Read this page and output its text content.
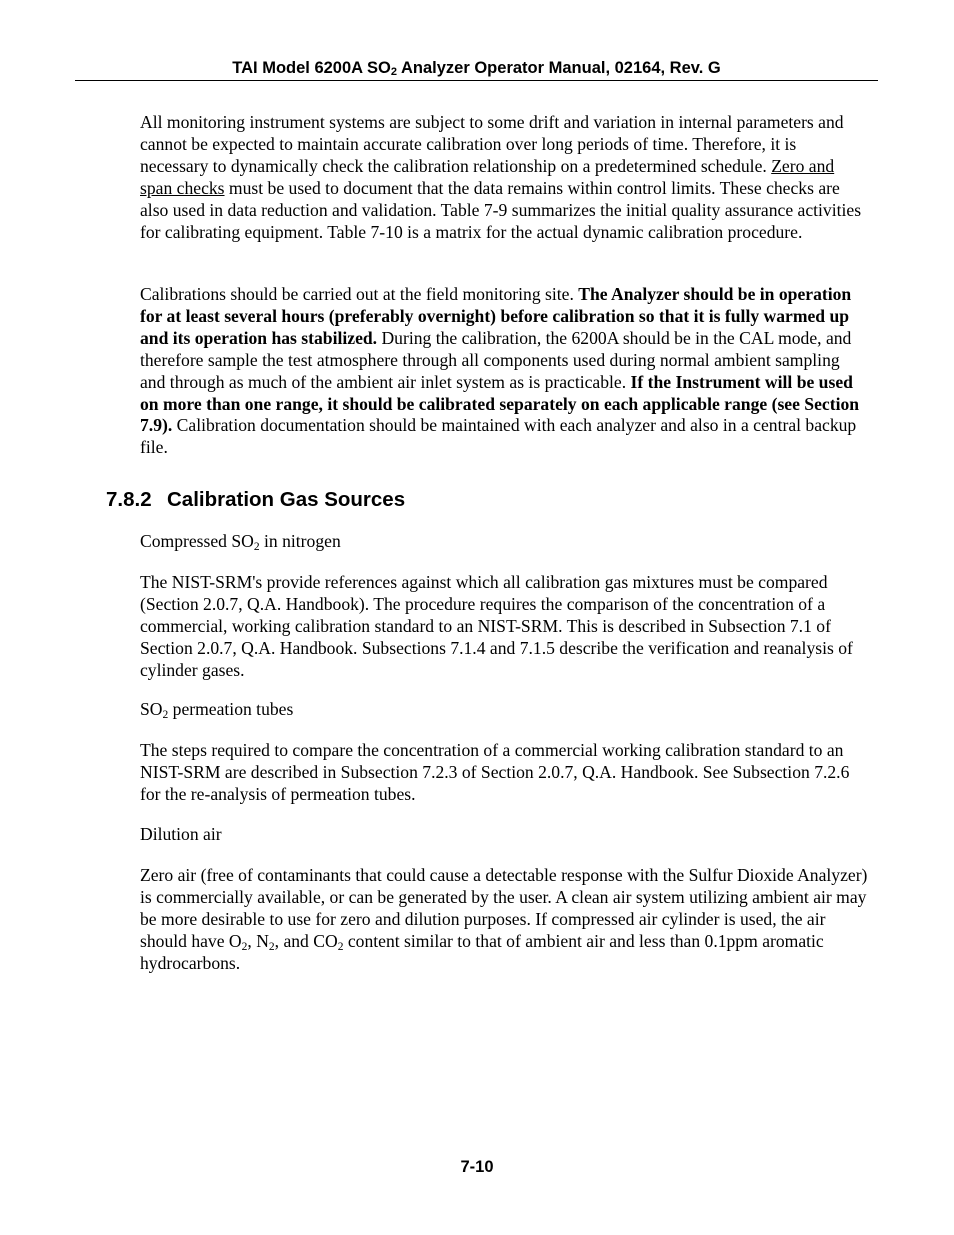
TAI Model 6200A $SO_2$ Analyzer Operator Manual, 02164, Rev. G

All monitoring instrument systems are subject to some drift and variation in internal parameters and cannot be expected to maintain accurate calibration over long periods of time. Therefore, it is necessary to dynamically check the calibration relationship on a predetermined schedule. Zero and span checks must be used to document that the data remains within control limits. These checks are also used in data reduction and validation. Table 7-9 summarizes the initial quality assurance activities for calibrating equipment. Table 7-10 is a matrix for the actual dynamic calibration procedure.

Calibrations should be carried out at the field monitoring site. The Analyzer should be in operation for at least several hours (preferably overnight) before calibration so that it is fully warmed up and its operation has stabilized. During the calibration, the 6200A should be in the CAL mode, and therefore sample the test atmosphere through all components used during normal ambient sampling and through as much of the ambient air inlet system as is practicable. If the Instrument will be used on more than one range, it should be calibrated separately on each applicable range (see Section 7.9). Calibration documentation should be maintained with each analyzer and also in a central backup file.

7.8.2 Calibration Gas Sources

Compressed $SO_2$ in nitrogen

The NIST-SRM's provide references against which all calibration gas mixtures must be compared (Section 2.0.7, Q.A. Handbook). The procedure requires the comparison of the concentration of a commercial, working calibration standard to an NIST-SRM. This is described in Subsection 7.1 of Section 2.0.7, Q.A. Handbook. Subsections 7.1.4 and 7.1.5 describe the verification and reanalysis of cylinder gases.

$SO_2$ permeation tubes

The steps required to compare the concentration of a commercial working calibration standard to an NIST-SRM are described in Subsection 7.2.3 of Section 2.0.7, Q.A. Handbook. See Subsection 7.2.6 for the re-analysis of permeation tubes.

Dilution air

Zero air (free of contaminants that could cause a detectable response with the Sulfur Dioxide Analyzer) is commercially available, or can be generated by the user. A clean air system utilizing ambient air may be more desirable to use for zero and dilution purposes. If compressed air cylinder is used, the air should have $O_2$, $N_2$, and $CO_2$ content similar to that of ambient air and less than 0.1ppm aromatic hydrocarbons.

7-10
